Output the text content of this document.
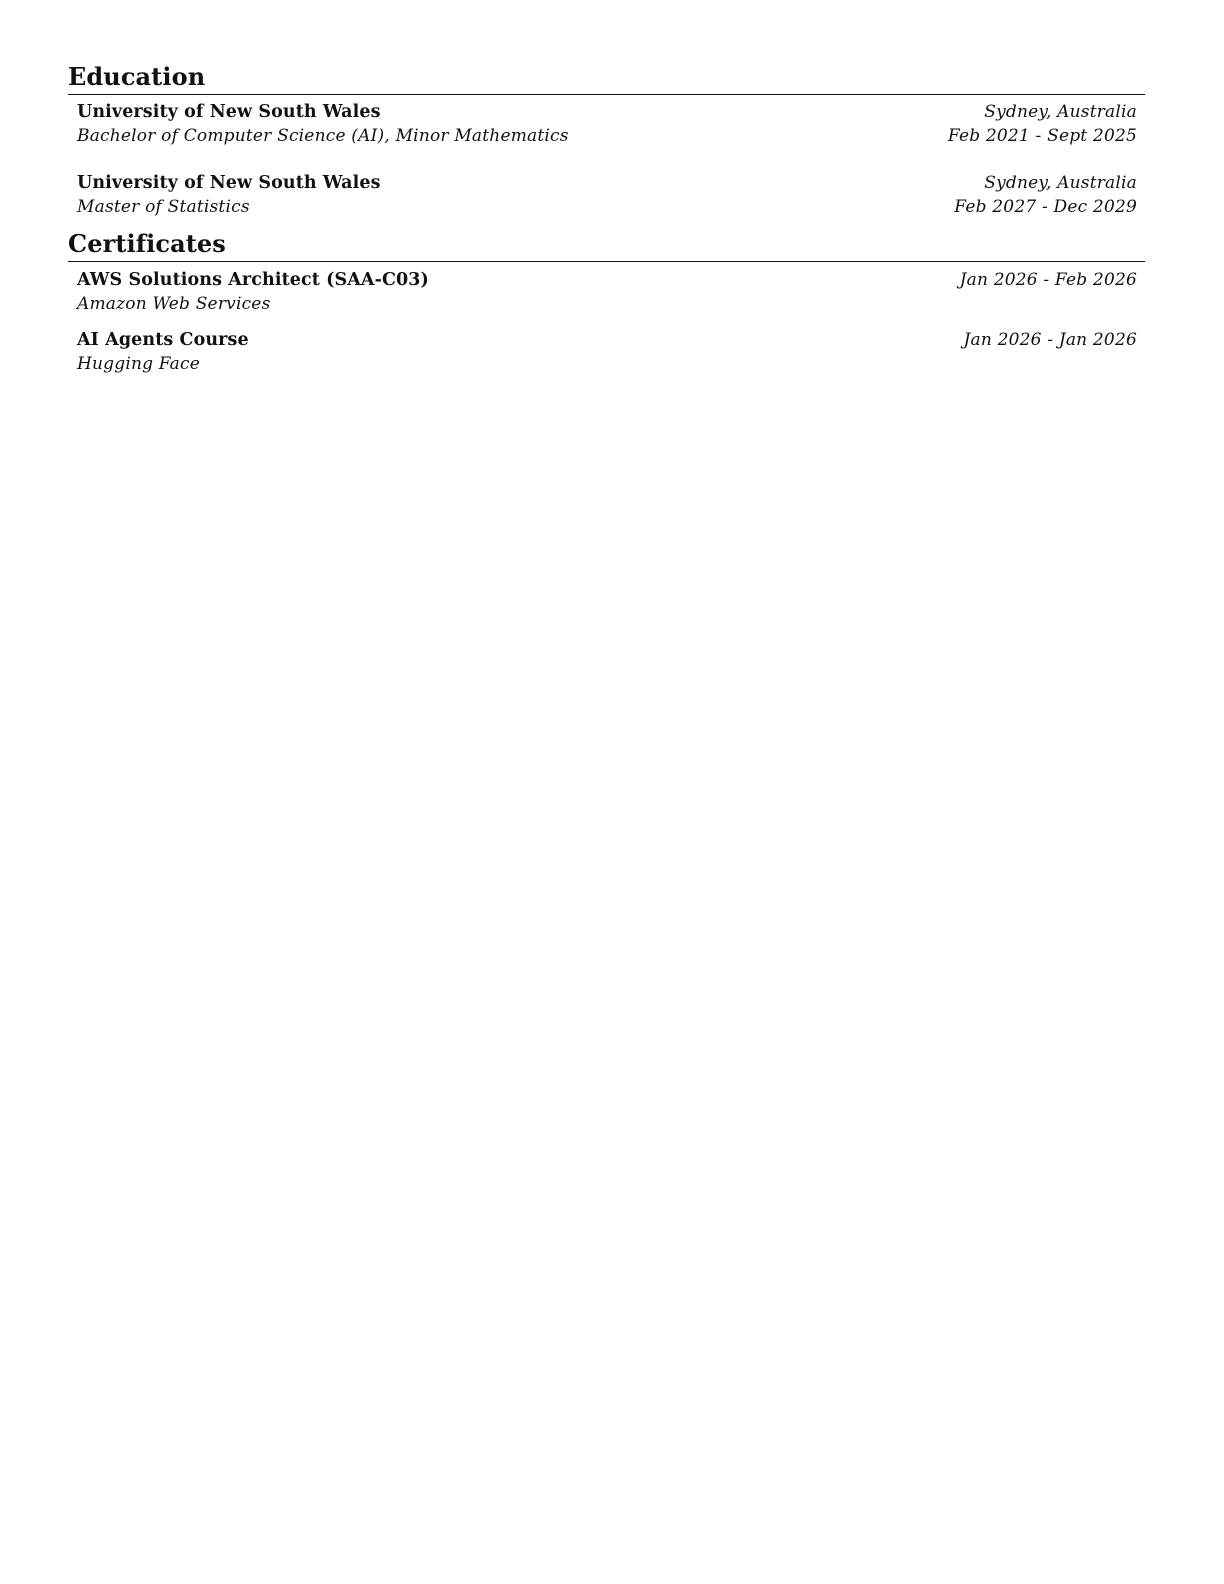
Education
University of New South Wales	Sydney, Australia
Bachelor of Computer Science (AI), Minor Mathematics	Feb 2021 - Sept 2025
University of New South Wales	Sydney, Australia
Master of Statistics	Feb 2027 - Dec 2029
Certificates
AWS Solutions Architect (SAA-C03)	Jan 2026 - Feb 2026
Amazon Web Services
AI Agents Course	Jan 2026 - Jan 2026
Hugging Face
